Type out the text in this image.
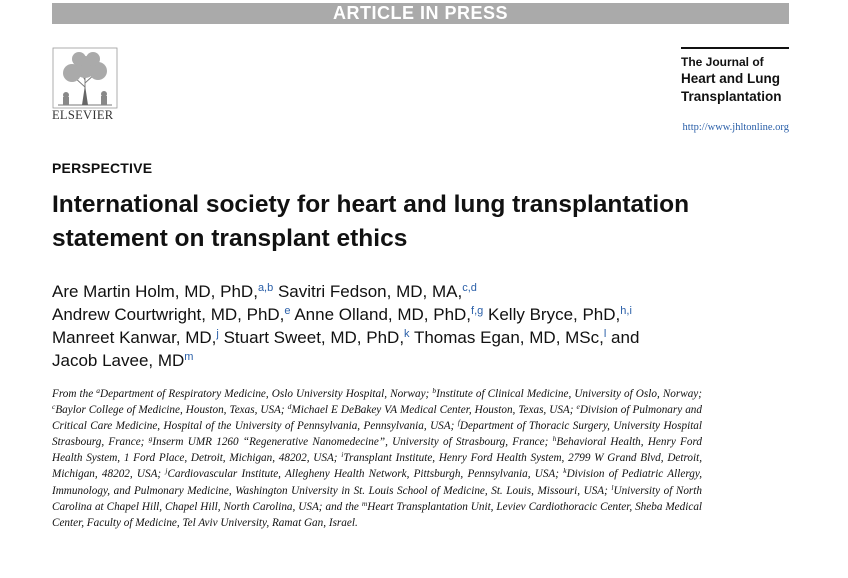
ARTICLE IN PRESS
ELSEVIER
The Journal of
Heart and Lung
Transplantation
http://www.jhltonline.org
PERSPECTIVE
International society for heart and lung transplantation statement on transplant ethics
Are Martin Holm, MD, PhD,$^{a,b}$ Savitri Fedson, MD, MA,$^{c,d}$
Andrew Courtwright, MD, PhD,$^e$ Anne Olland, MD, PhD,$^{f,g}$ Kelly Bryce, PhD,$^{h,i}$
Manreet Kanwar, MD,$^j$ Stuart Sweet, MD, PhD,$^k$ Thomas Egan, MD, MSc,$^l$ and
Jacob Lavee, $MD^m$
From the $^a$Department of Respiratory Medicine, Oslo University Hospital, Norway; $^b$Institute of Clinical Medicine, University of Oslo, Norway; $^c$Baylor College of Medicine, Houston, Texas, USA; $^d$Michael E DeBakey VA Medical Center, Houston, Texas, USA; $^e$Division of Pulmonary and Critical Care Medicine, Hospital of the University of Pennsylvania, Pennsylvania, USA; $^f$Department of Thoracic Surgery, University Hospital Strasbourg, France; $^g$Inserm UMR 1260 “Regenerative Nanomedecine”, University of Strasbourg, France; $^h$Behavioral Health, Henry Ford Health System, 1 Ford Place, Detroit, Michigan, 48202, USA; $^i$Transplant Institute, Henry Ford Health System, 2799 W Grand Blvd, Detroit, Michigan, 48202, USA; $^j$Cardiovascular Institute, Allegheny Health Network, Pittsburgh, Pennsylvania, USA; $^k$Division of Pediatric Allergy, Immunology, and Pulmonary Medicine, Washington University in St. Louis School of Medicine, St. Louis, Missouri, USA; $^l$University of North Carolina at Chapel Hill, Chapel Hill, North Carolina, USA; and the $^m$Heart Transplantation Unit, Leviev Cardiothoracic Center, Sheba Medical Center, Faculty of Medicine, Tel Aviv University, Ramat Gan, Israel.
